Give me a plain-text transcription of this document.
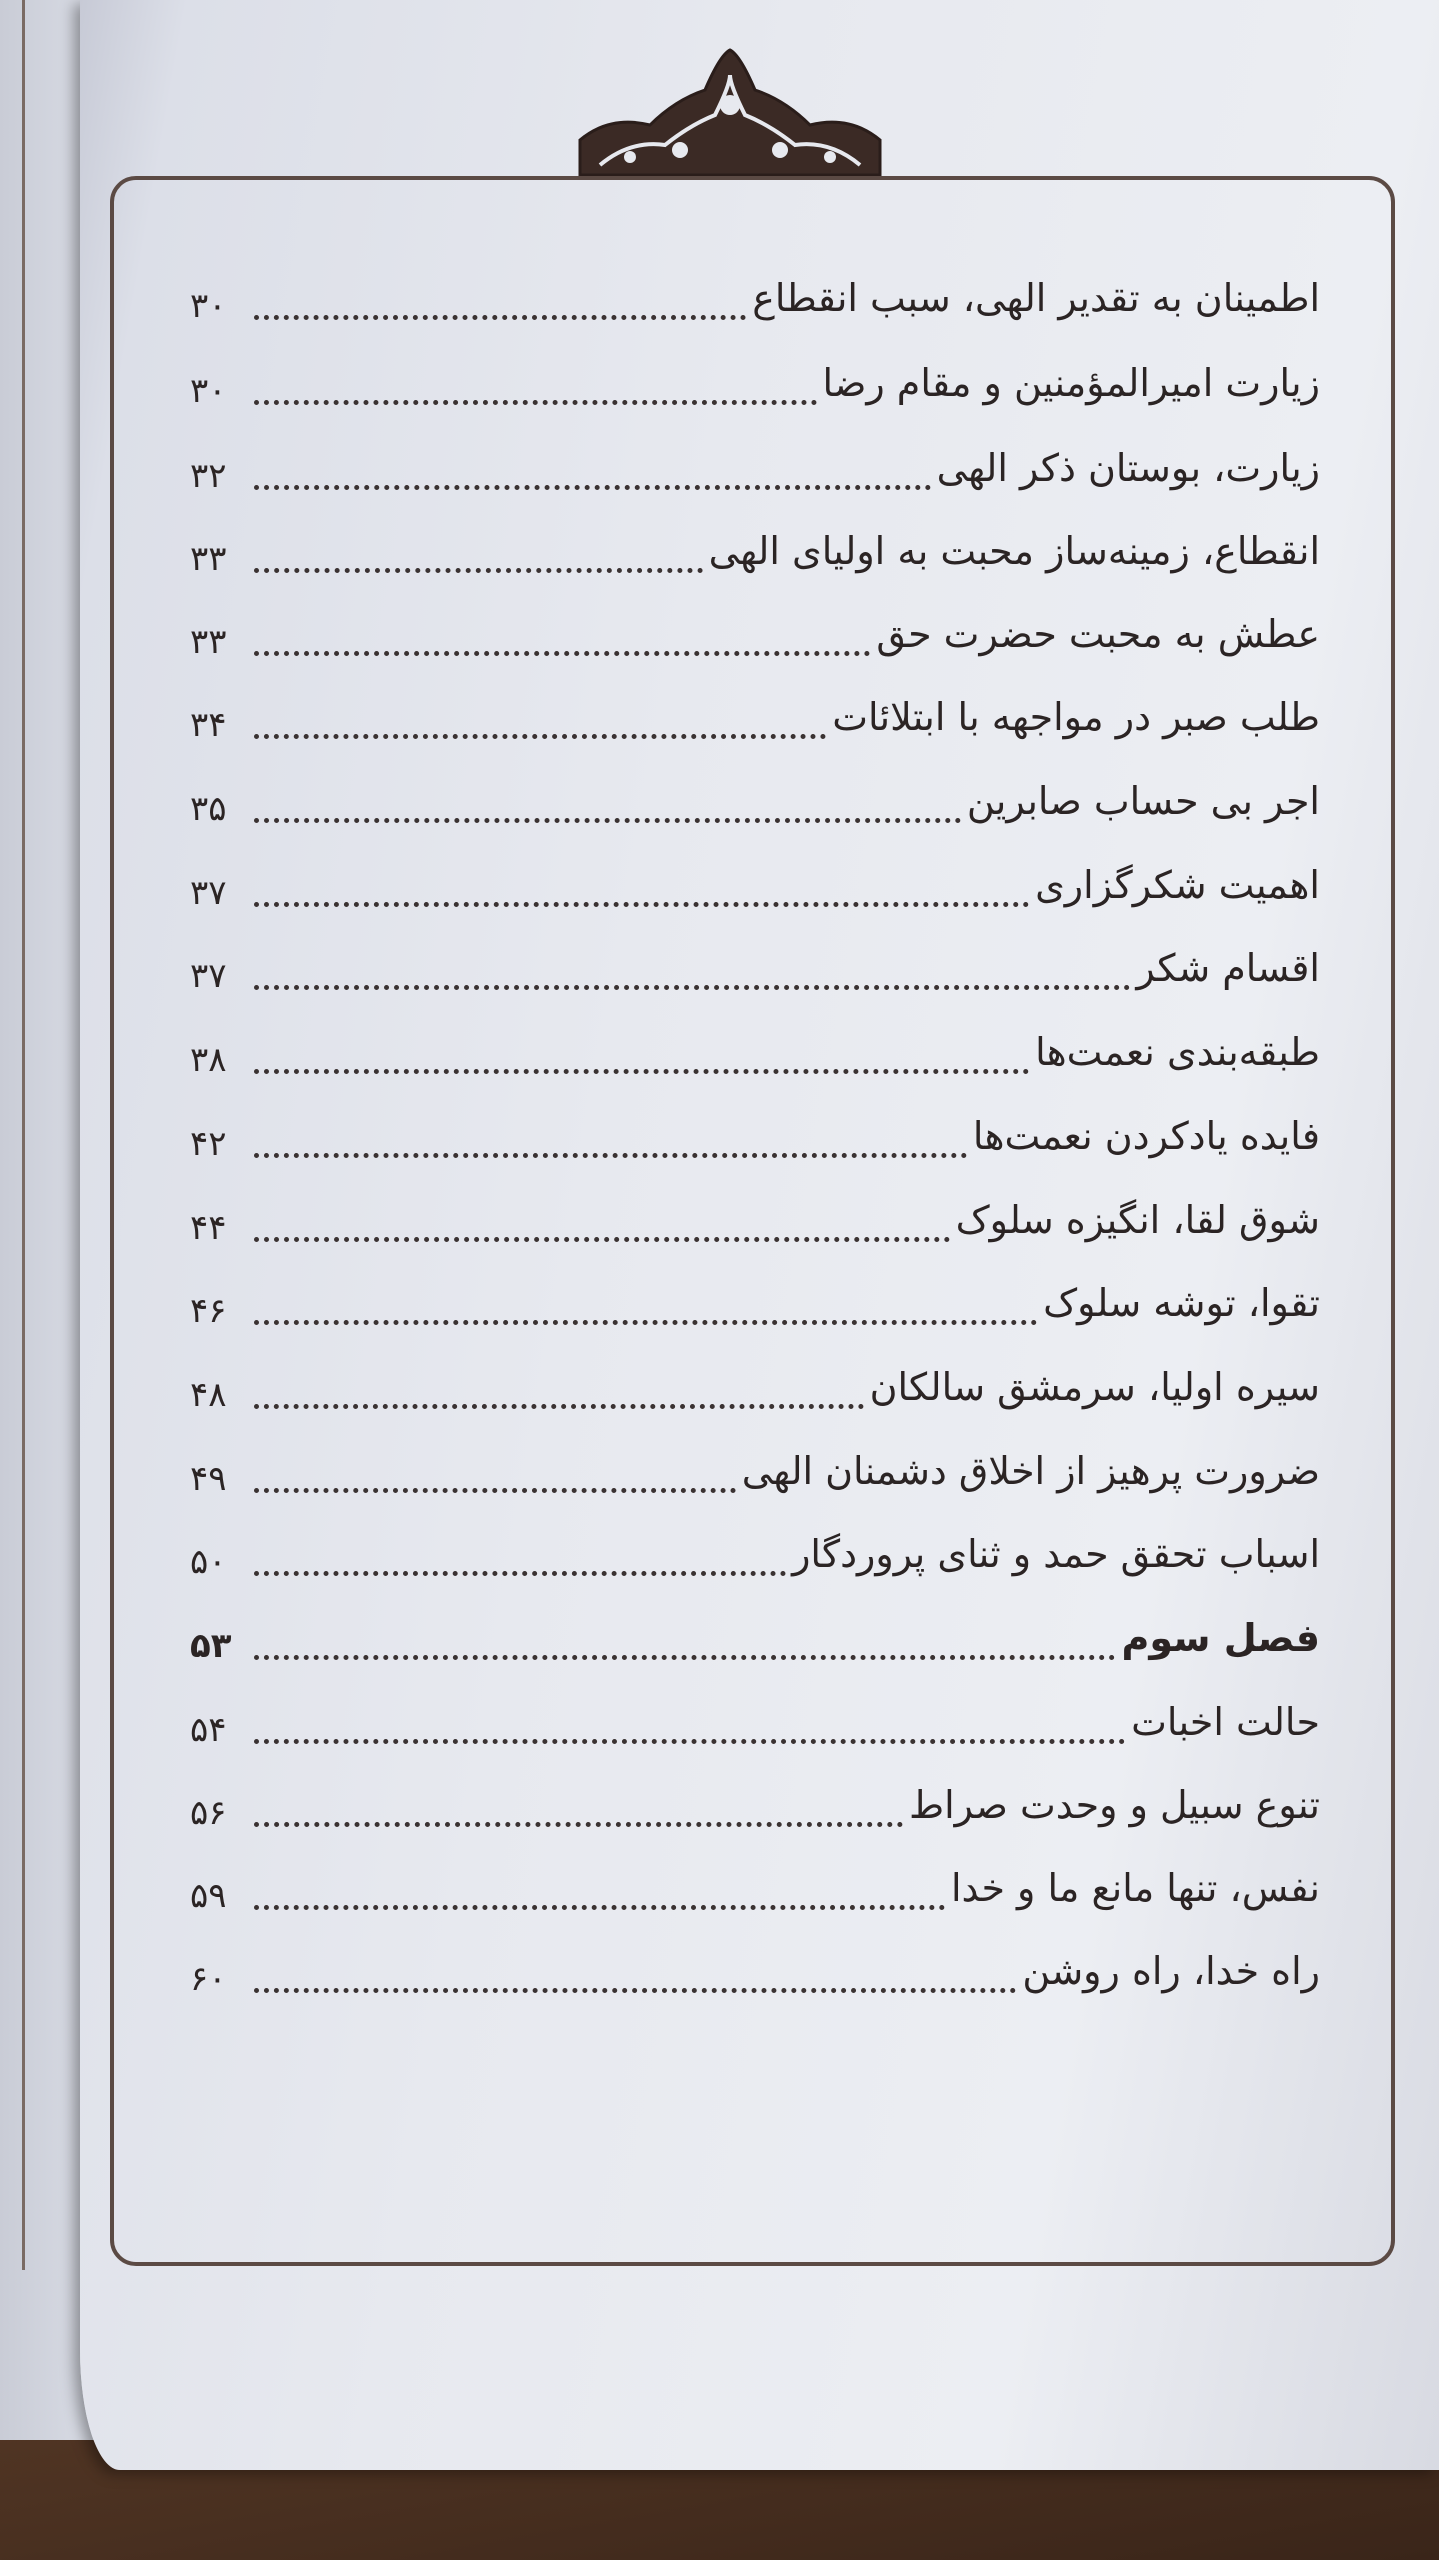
اطمینان به تقدیر الهی، سبب انقطاع
۳۰
زیارت امیرالمؤمنین و مقام رضا
۳۰
زیارت، بوستان ذکر الهی
۳۲
انقطاع، زمینه‌ساز محبت به اولیای الهی
۳۳
عطش به محبت حضرت حق
۳۳
طلب صبر در مواجهه با ابتلائات
۳۴
اجر بی حساب صابرین
۳۵
اهمیت شکرگزاری
۳۷
اقسام شکر
۳۷
طبقه‌بندی نعمت‌ها
۳۸
فایده یادکردن نعمت‌ها
۴۲
شوق لقا، انگیزه سلوک
۴۴
تقوا، توشه سلوک
۴۶
سیره اولیا، سرمشق سالکان
۴۸
ضرورت پرهیز از اخلاق دشمنان الهی
۴۹
اسباب تحقق حمد و ثنای پروردگار
۵۰
فصل سوم
۵۳
حالت اخبات
۵۴
تنوع سبیل و وحدت صراط
۵۶
نفس، تنها مانع ما و خدا
۵۹
راه خدا، راه روشن
۶۰
